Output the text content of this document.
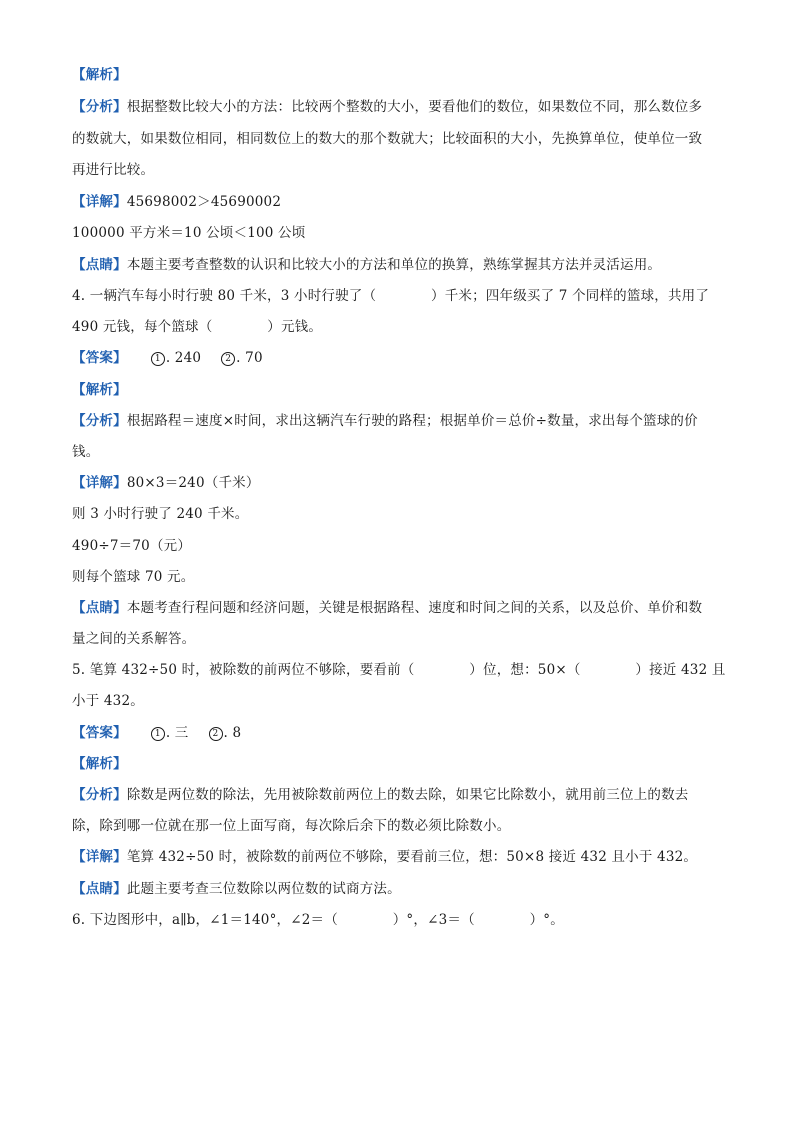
【解析】
【分析】根据整数比较大小的方法：比较两个整数的大小，要看他们的数位，如果数位不同，那么数位多
的数就大，如果数位相同，相同数位上的数大的那个数就大；比较面积的大小，先换算单位，使单位一致
再进行比较。
【详解】45698002＞45690002
100000 平方米＝10 公顷＜100 公顷
【点睛】本题主要考查整数的认识和比较大小的方法和单位的换算，熟练掌握其方法并灵活运用。
4. 一辆汽车每小时行驶 80 千米，3 小时行驶了（　　　　）千米；四年级买了 7 个同样的篮球，共用了
490 元钱，每个篮球（　　　　）元钱。
【答案】	1 . 240	2 . 70
【解析】
【分析】根据路程＝速度×时间，求出这辆汽车行驶的路程；根据单价＝总价÷数量，求出每个篮球的价
钱。
【详解】80×3＝240（千米）
则 3 小时行驶了 240 千米。
490÷7＝70（元）
则每个篮球 70 元。
【点睛】本题考查行程问题和经济问题，关键是根据路程、速度和时间之间的关系，以及总价、单价和数
量之间的关系解答。
5. 笔算 432÷50 时，被除数的前两位不够除，要看前（　　　　）位，想：50×（　　　　）接近 432 且
小于 432。
【答案】	1 . 三	2 . 8
【解析】
【分析】除数是两位数的除法，先用被除数前两位上的数去除，如果它比除数小，就用前三位上的数去
除，除到哪一位就在那一位上面写商，每次除后余下的数必须比除数小。
【详解】笔算 432÷50 时，被除数的前两位不够除，要看前三位，想：50×8 接近 432 且小于 432。
【点睛】此题主要考查三位数除以两位数的试商方法。
6. 下边图形中，a∥b，∠1＝140°，∠2＝（　　　　）°，∠3＝（　　　　）°。
